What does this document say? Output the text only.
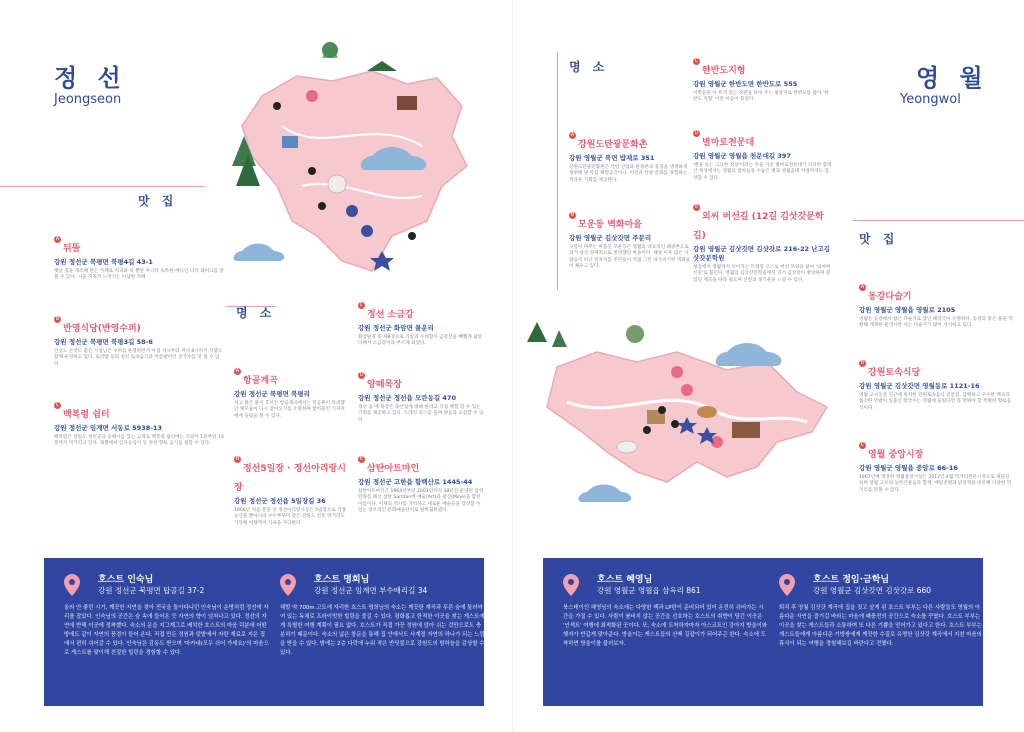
정 선
Jeongseon
맛 집
A뒤뜰
강원 정선군 북평면 북평4길 43-1
옛날 집을 개조해 만든 카페로 커피와 차 뿐만 아니라 독특한 메뉴인 더덕 쉐이크를 맛볼 수 있다. 시골 정취가 느껴지는 아담한 카페
B반영식당(반영수퍼)
강원 정선군 북평면 북평3길 58-6
인심도 손맛도 좋은 시장님은 수려를 운영하면서 아침 지시부터 저녁 6시까지 식당도 함께 운영하고 있다. 토리밥 등의 정선 토속음식과 어름발이인 콩국수를 맛 볼 수 있다.
C백복령 쉼터
강원 정선군 임계면 서동로 5938-13
백복령은 강원도 정선군과 동해시를 있는 고개로 백복령 쉼터에는 식당이 1분부터 13분까지 먹거리고 있다. 제철에서 감자옹심이 등 정선 향토 음식을 접할 수 있다.
명 소
A항골계곡
강원 정선군 북평면 북평리
처고 맑은 물이 흐르는 항골계곡에서는 민공휴이 특려했던 옛모습이 다시 찾아오기를 소망하며 쌓아올린 기자치에에 돌탑을 볼 수 있다.
B정선5일장 · 정선아리랑시장
강원 정선군 정선읍 5일장길 36
1966년 처음 문을 연 정선아리랑시장은 5일장으로 각종 농산물 뿐아니라 수수부꾸미 같은 강원도 전통 먹거리도 가득해 여행객이 식욕을 자극한다.
C정선 소금강
강원 정선군 화암면 몰운리
화암팔경 중 제8경으로 기암괴 수려함이 금강산을 빼뼘게 닮았다해서 소금강이라 부르게 되었다.
D양떼목장
강원 정선군 정선읍 모란동길 470
정선 읍 에 목장은 축산업에 대해 알리고 직접 체험 할 수 있는 기회를 제공하고 있다. 트레킹 코스를 돌며 양들과 교감할 수 있다.
E삼탄아트마인
강원 정선군 고한읍 함백산로 1445-44
삼탄아트마인은 1964년부터 2001년까지 38년간 운영된 삼척탄좌를 폐산 삼탄 Samtan에 예술(Art)과 광산(Mine)을 합친 이름이다. 이제의 역사를 기억하고 새로운 예술들을 감상할 수 있는 창조적인 문화예술단지로 탈바꿈하였다.
호스트 인숙님
강원 정선군 북평면 탑골길 37-2
올라 안 좋던 시기, 깨끗한 자연을 찾아 전국을 돌아다니던 인숙님이 운명처럼 정선에 자리를 잡았다. 인숙님의 공간은 숲 속에 들어온 듯 자연의 향이 넘쳐나고 있다. 정선의 자연에 반해 이곳에 정착했다. 숙소의 문을 지그재그로 배치한 호스트의 마음 덕분에 어떤 방에도 같이 자연의 풍경이 들어 온다. 직접 만든 정원과 텃밭에서 자란 재료로 지은 집에서 편히 쉬어갈 수 있다. 인숙님은 감동도 받으며 '마카네(모두 쉬어 가세요)'의 마음으로 게스트를 맞이해 친절한 힐링을 경험할 수 있다.
호스트 명희님
강원 정선군 임계면 부수배리길 34
해발 약 700m 고도에 자리한 호스트 명희님의 숙소는 깨끗한 계곡과 푸른 숲에 둘러싸여 있는 독채로 프라이빗한 힐링을 즐길 수 있다. 평화롭고 한적한 이곳을 찾는 게스트에게 특별한 여행 계획이 필요 없다. 호스트가 직접 가꾼 정원에 앉아 쉬는 것만으로도 충분하기 때문이다. 숙소의 넓은 창문을 통해 집 안에서도 사계절 자연의 하나가 되는 느낌을 받을 수 있다. 밤에는 2층 다락에 누워 작은 반딧불으로 강원도의 밤하늘을 감상할 수 있다.
명 소	영 월
Yeongwol
A강원도탄광문화촌
강원 영월군 북면 밥재로 351
강원도탄광문화촌은 석탄 산업과 탄광촌의 풍경을 생생하게 재현해 낸 복합 체험공간이다. 어린과 탄광 문화를 경험하는 색다른 기회를 제공한다.
B모운동 벽화마을
강원 영월군 김삿갓면 주문리
구름이 머무는 마을인 모운동은 영월의 대표적인 폐광촌으로 과거 광산 경제적으로 번영했던 마을이다. 폐광 이후 많은 사람들이 떠난 빈자리를 주민들이 직접 그린 따가씨기한 벽화들이 채우고 있다.
C한반도지형
강원 영월군 한반도면 한반도로 555
서쪽들판 이 특색 있는 경관을 보여 주는 평창지로 한반도를 닮아 '한반도 지형' 이란 이름이 붙었다.
D별마로천문대
강원 영월군 영월읍 천문대길 397
'별을 보는 고요한 정상'이라는 뜻을 가진 별마로천문대가 자리한 봉래산 정상에서는 영월의 밤하늘을 수놓은 별과 영월읍내 야경까지도 감상할 수 있다.
E외씨 버선길 (12길 김삿갓문학길)
강원 영월군 김삿갓면 김삿갓로 216-22 난고김삿갓문학원
청송에서 영월까지 이어지는 트레킹 코스로 버선 모양을 닮아 '외씨버선길'로 불린다. 영월의 김삿갓문학길에서 과거 김삿갓이 방랑하며 걸었던 계곡을 따라 걸으며 산천의 정기운을 느낄 수 있다.
맛 집
A동강다슬기
강원 영월군 영월읍 영월로 2105
영월은 동강에서 잡은 다슬기로 끓인 해장국이 유명하다. 동강과 맞은 물을 작황해 게게한 물색시만 서는 다슬기가 많이 서식하고 있다.
B강원토속식당
강원 영월군 김삿갓면 영월동로 1121-16
영월 고씨동굴 인근에 위치한 강원토속음식 전문점. 담백하고 구수한 백숙과 쫄깃한 면발이 일품인 칼국수는 영월에 들렀다면 꼭 맛봐야 할 특별한 향토음식이다.
C영월 중앙시장
강원 영월군 영월읍 중앙로 66-16
1967년에 개장한 영월중앙시장은 2017년 4월 먹거리전문시장으로 새단장 하며 영월 고유의 농특산물들과 함께, 메밀전병과 닭강정을 비롯해 다양한 먹거리를 맛볼 수 있다.
호스트 혜영님
강원 영월군 영월읍 삼옥리 861
북스테이인 혜영님의 숙소에는 다양한 책과 LP판이 준비되어 있어 온전히 쉬어가는 시간을 가질 수 있다. 사람이 붐비지 않는 공간을 선호하는 호스트의 취향이 담긴 이곳은 '인색트' 여행에 최적화된 곳이다. 또, 숙소에 도착하자마자 아스코트인 강아지 방울이와 햇자가 반갑게 맞아준다. 방울이는 게스트들의 산책 길잡이가 되어주곤 한다. 숙소에 도착하면 방울이를 불러보자.
호스트 정임·금학님
강원 영월군 김삿갓면 김삿갓로 660
퇴직 후 영월 김삿갓 계곡에 집을 짓고 살게 된 호스트 부부는 다른 사람들도 영월의 아름다운 자연을 즐기길 바라는 마음에 쾌충전의 공간으로 숙소를 꾸몄다. 호스트 부부는 이곳을 찾는 게스트들과 소통하며 또 다른 기쁨을 얻어가고 있다고 한다. 호스트 부부는 게스트들에게 아름다운 기방쌍에게 깨끗한 수질로 유명한 김삿갓 계곡에서 지친 마음의 휴식이 되는 여행을 경험해보길 바란다고 전했다.
